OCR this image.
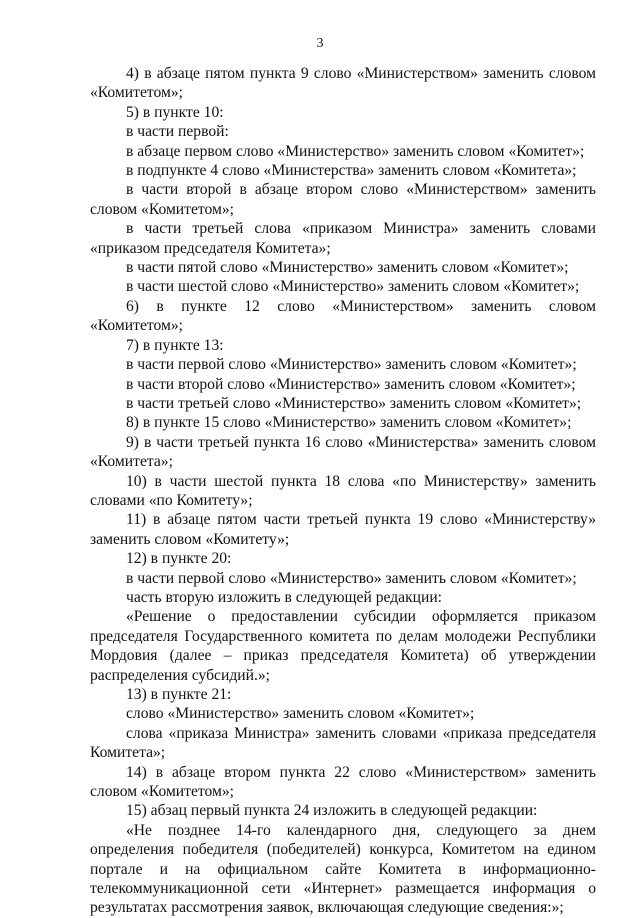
3

4) в абзаце пятом пункта 9 слово «Министерством» заменить словом «Комитетом»;

5) в пункте 10:

в части первой:

в абзаце первом слово «Министерство» заменить словом «Комитет»;

в подпункте 4 слово «Министерства» заменить словом «Комитета»;

в части второй в абзаце втором слово «Министерством» заменить словом «Комитетом»;

в части третьей слова «приказом Министра» заменить словами «приказом председателя Комитета»;

в части пятой слово «Министерство» заменить словом «Комитет»;

в части шестой слово «Министерство» заменить словом «Комитет»;

6) в пункте 12 слово «Министерством» заменить словом «Комитетом»;

7) в пункте 13:

в части первой слово «Министерство» заменить словом «Комитет»;

в части второй слово «Министерство» заменить словом «Комитет»;

в части третьей слово «Министерство» заменить словом «Комитет»;

8) в пункте 15 слово «Министерство» заменить словом «Комитет»;

9) в части третьей пункта 16 слово «Министерства» заменить словом «Комитета»;

10) в части шестой пункта 18 слова «по Министерству» заменить словами «по Комитету»;

11) в абзаце пятом части третьей пункта 19 слово «Министерству» заменить словом «Комитету»;

12) в пункте 20:

в части первой слово «Министерство» заменить словом «Комитет»;

часть вторую изложить в следующей редакции:

«Решение о предоставлении субсидии оформляется приказом председателя Государственного комитета по делам молодежи Республики Мордовия (далее – приказ председателя Комитета) об утверждении распределения субсидий.»;

13) в пункте 21:

слово «Министерство» заменить словом «Комитет»;

слова «приказа Министра» заменить словами «приказа председателя Комитета»;

14) в абзаце втором пункта 22 слово «Министерством» заменить словом «Комитетом»;

15) абзац первый пункта 24 изложить в следующей редакции:

«Не позднее 14-го календарного дня, следующего за днем определения победителя (победителей) конкурса, Комитетом на едином портале и на официальном сайте Комитета в информационно-телекоммуникационной сети «Интернет» размещается информация о результатах рассмотрения заявок, включающая следующие сведения:»;
